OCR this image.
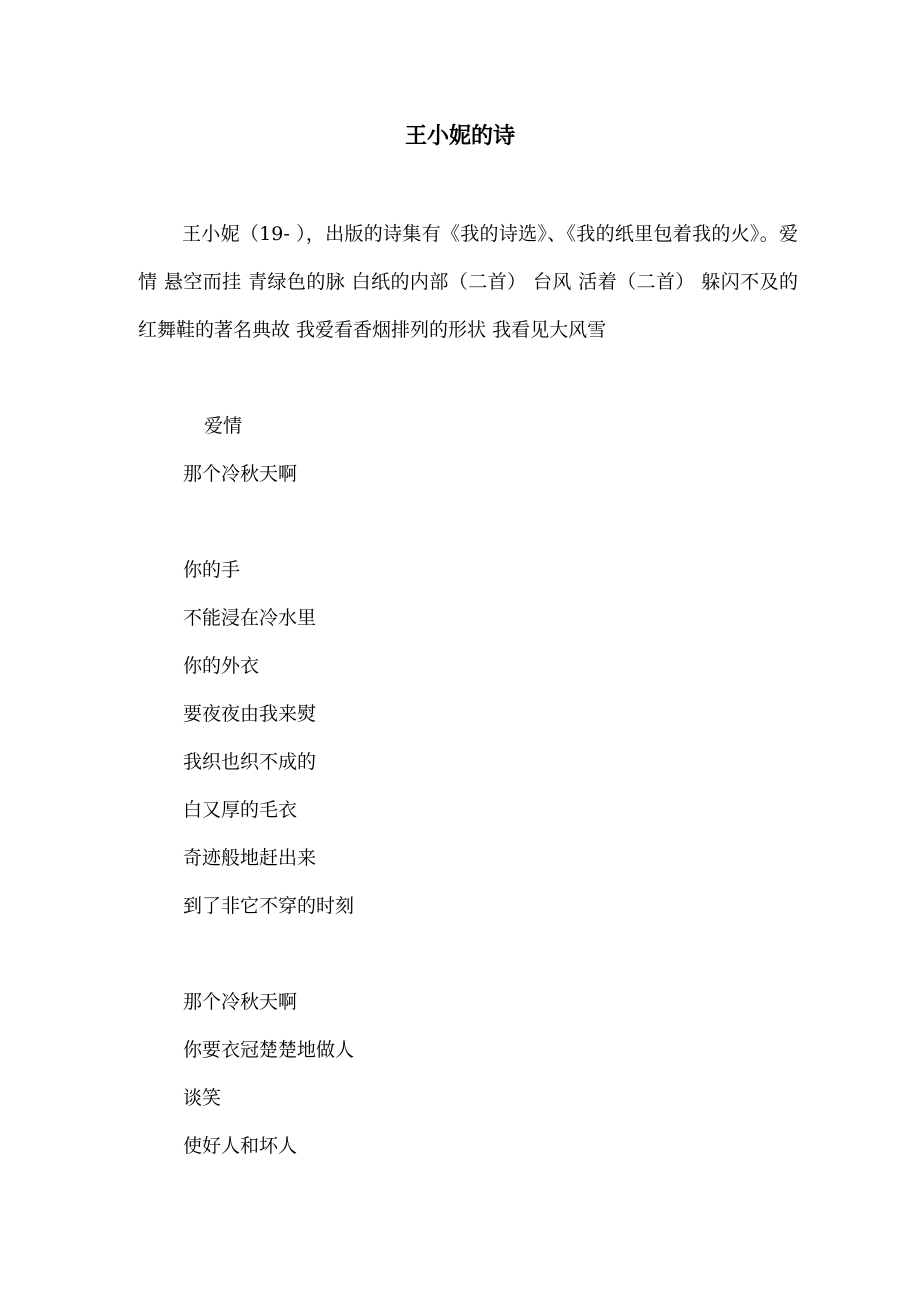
王小妮的诗

王小妮（19- ），出版的诗集有《我的诗选》、《我的纸里包着我的火》。爱情 悬空而挂 青绿色的脉 白纸的内部（二首） 台风 活着（二首） 躲闪不及的红舞鞋的著名典故 我爱看香烟排列的形状 我看见大风雪

爱情

那个冷秋天啊
你的手
不能浸在冷水里
你的外衣
要夜夜由我来熨
我织也织不成的
白又厚的毛衣
奇迹般地赶出来
到了非它不穿的时刻
那个冷秋天啊
你要衣冠楚楚地做人
谈笑
使好人和坏人
